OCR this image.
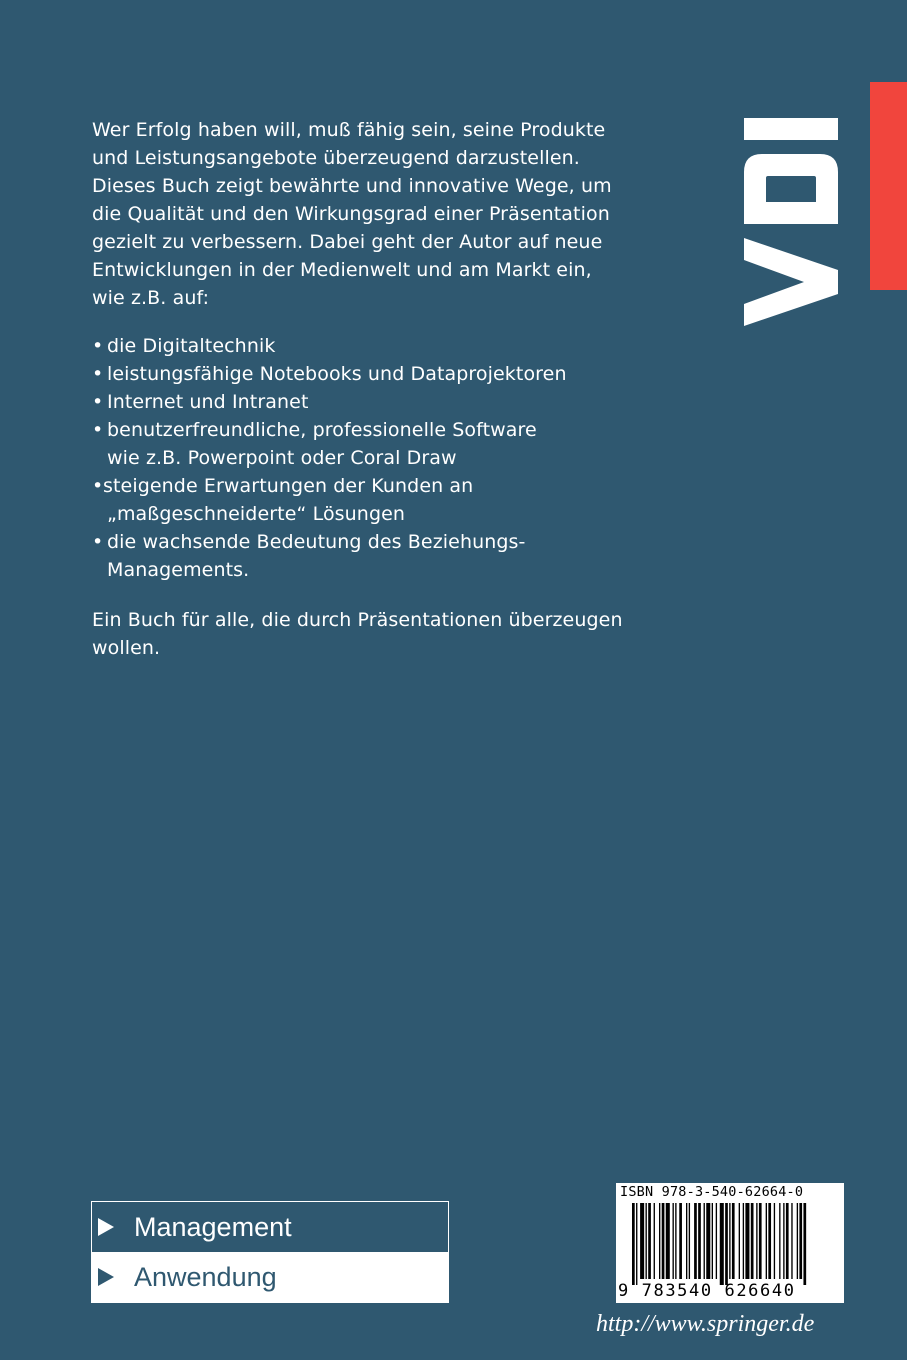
Wer Erfolg haben will, muß fähig sein, seine Produkte
und Leistungsangebote überzeugend darzustellen.
Dieses Buch zeigt bewährte und innovative Wege, um
die Qualität und den Wirkungsgrad einer Präsentation
gezielt zu verbessern. Dabei geht der Autor auf neue
Entwicklungen in der Medienwelt und am Markt ein,
wie z.B. auf:

• die Digitaltechnik
• leistungsfähige Notebooks und Dataprojektoren
• Internet und Intranet
• benutzerfreundliche, professionelle Software
wie z.B. Powerpoint oder Coral Draw
• steigende Erwartungen der Kunden an
„maßgeschneiderte“ Lösungen
• die wachsende Bedeutung des Beziehungs-
Managements.

Ein Buch für alle, die durch Präsentationen überzeugen
wollen.

Management
Anwendung
ISBN 978-3-540-62664-0
9 783540 626640
http://www.springer.de
